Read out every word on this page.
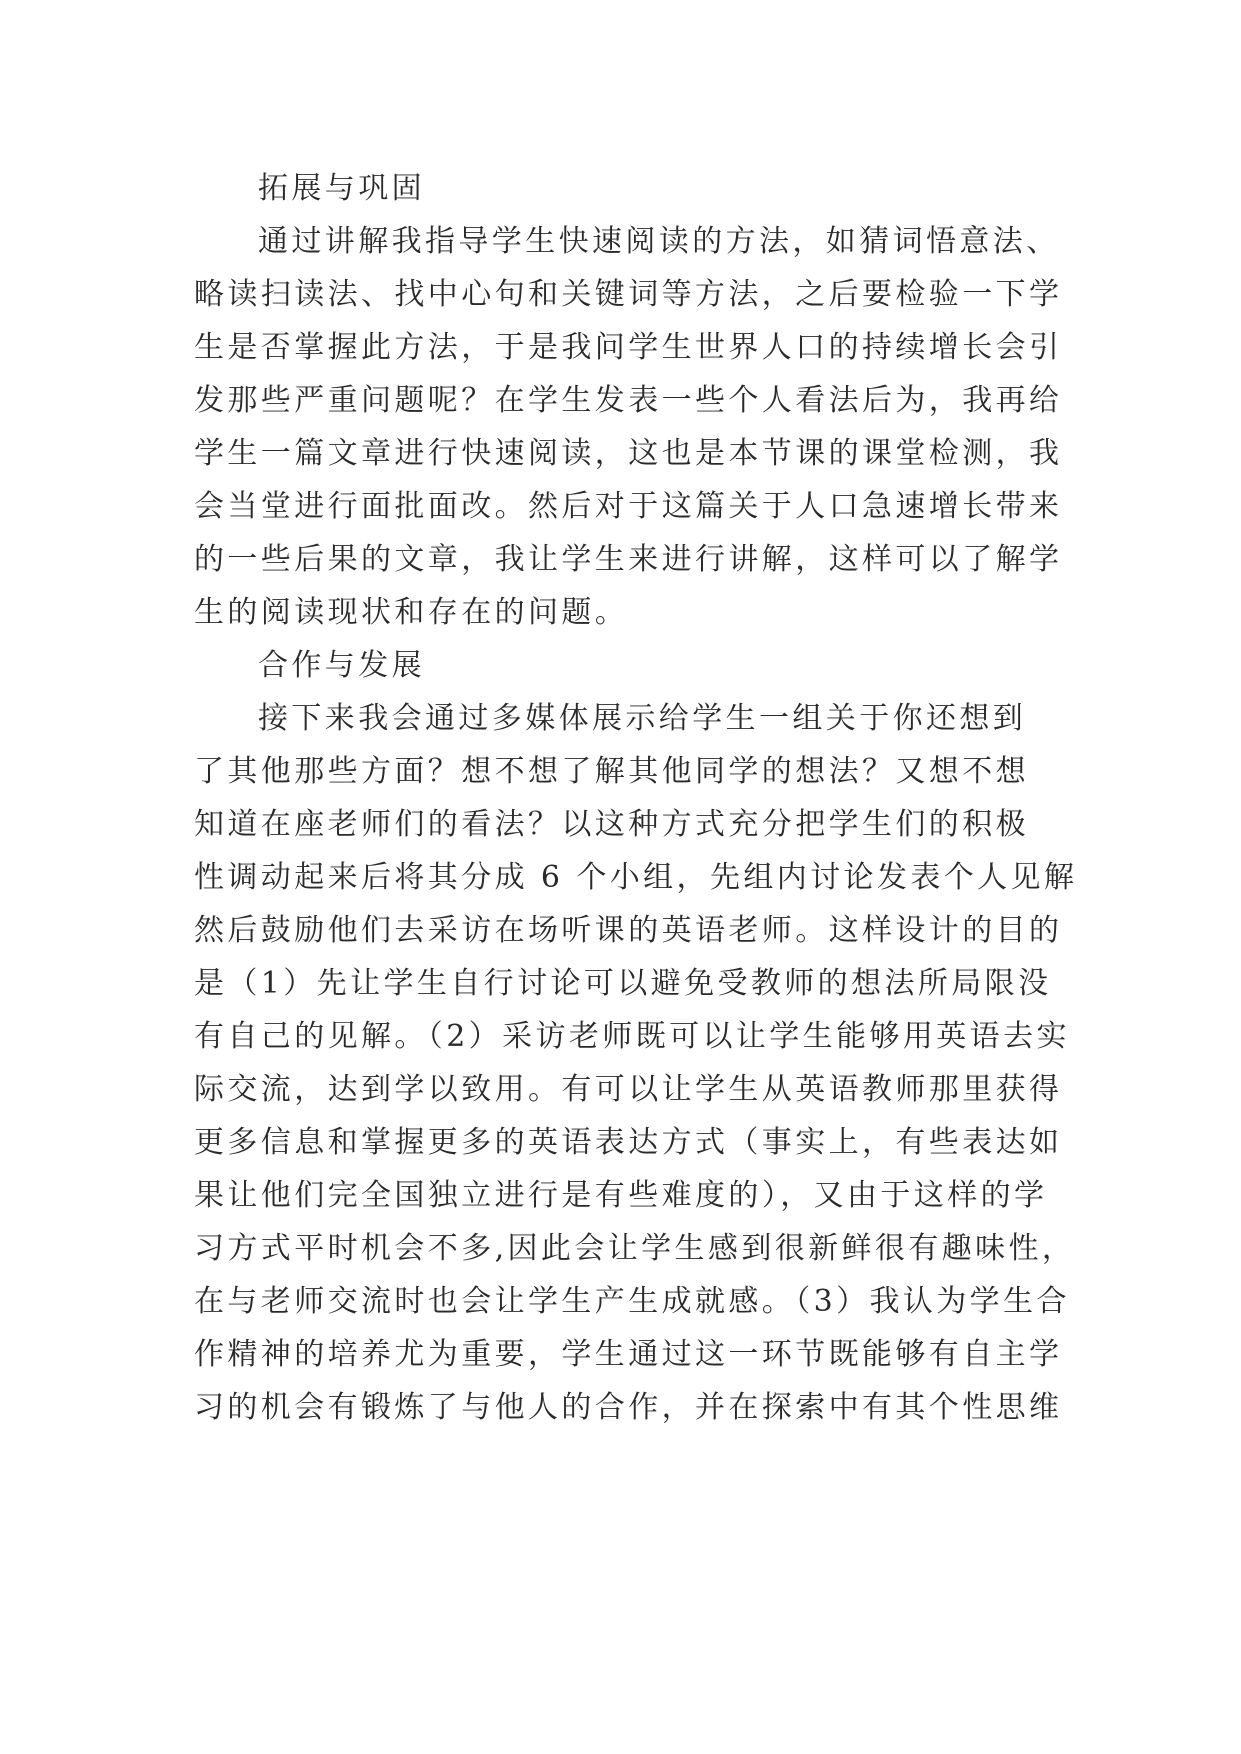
拓展与巩固
通过讲解我指导学生快速阅读的方法，如猜词悟意法、
略读扫读法、找中心句和关键词等方法，之后要检验一下学
生是否掌握此方法，于是我问学生世界人口的持续增长会引
发那些严重问题呢？在学生发表一些个人看法后为，我再给
学生一篇文章进行快速阅读，这也是本节课的课堂检测，我
会当堂进行面批面改。然后对于这篇关于人口急速增长带来
的一些后果的文章，我让学生来进行讲解，这样可以了解学
生的阅读现状和存在的问题。
合作与发展
接下来我会通过多媒体展示给学生一组关于你还想到
了其他那些方面？想不想了解其他同学的想法？又想不想
知道在座老师们的看法？以这种方式充分把学生们的积极
性调动起来后将其分成 6 个小组，先组内讨论发表个人见解
然后鼓励他们去采访在场听课的英语老师。这样设计的目的
是（1）先让学生自行讨论可以避免受教师的想法所局限没
有自己的见解。（2）采访老师既可以让学生能够用英语去实
际交流，达到学以致用。有可以让学生从英语教师那里获得
更多信息和掌握更多的英语表达方式（事实上，有些表达如
果让他们完全国独立进行是有些难度的），又由于这样的学
习方式平时机会不多,因此会让学生感到很新鲜很有趣味性，
在与老师交流时也会让学生产生成就感。（3）我认为学生合
作精神的培养尤为重要，学生通过这一环节既能够有自主学
习的机会有锻炼了与他人的合作，并在探索中有其个性思维
